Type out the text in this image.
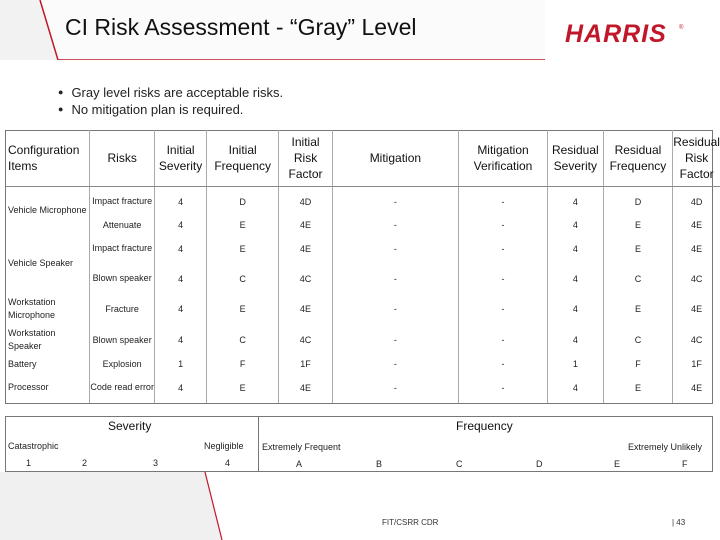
CI Risk Assessment - “Gray” Level	HARRIS ®
● Gray level risks are acceptable risks.
● No mitigation plan is required.
Configuration Items	Risks	Initial Severity	Initial Frequency	Initial Risk Factor	Mitigation	Mitigation Verification	Residual Severity	Residual Frequency	Residual Risk Factor
Vehicle Microphone	Impact fracture	4	D	4D	-	-	4	D	4D
	Attenuate	4	E	4E	-	-	4	E	4E
Vehicle Speaker	Impact fracture	4	E	4E	-	-	4	E	4E
	Blown speaker	4	C	4C	-	-	4	C	4C
Workstation Microphone	Fracture	4	E	4E	-	-	4	E	4E
Workstation Speaker	Blown speaker	4	C	4C	-	-	4	C	4C
Battery	Explosion	1	F	1F	-	-	1	F	1F
Processor	Code read error	4	E	4E	-	-	4	E	4E
Severity
Catastrophic	Negligible
1	2	3	4
Frequency
Extremely Frequent	Extremely Unlikely
A	B	C	D	E	F
FIT/CSRR CDR	| 43
